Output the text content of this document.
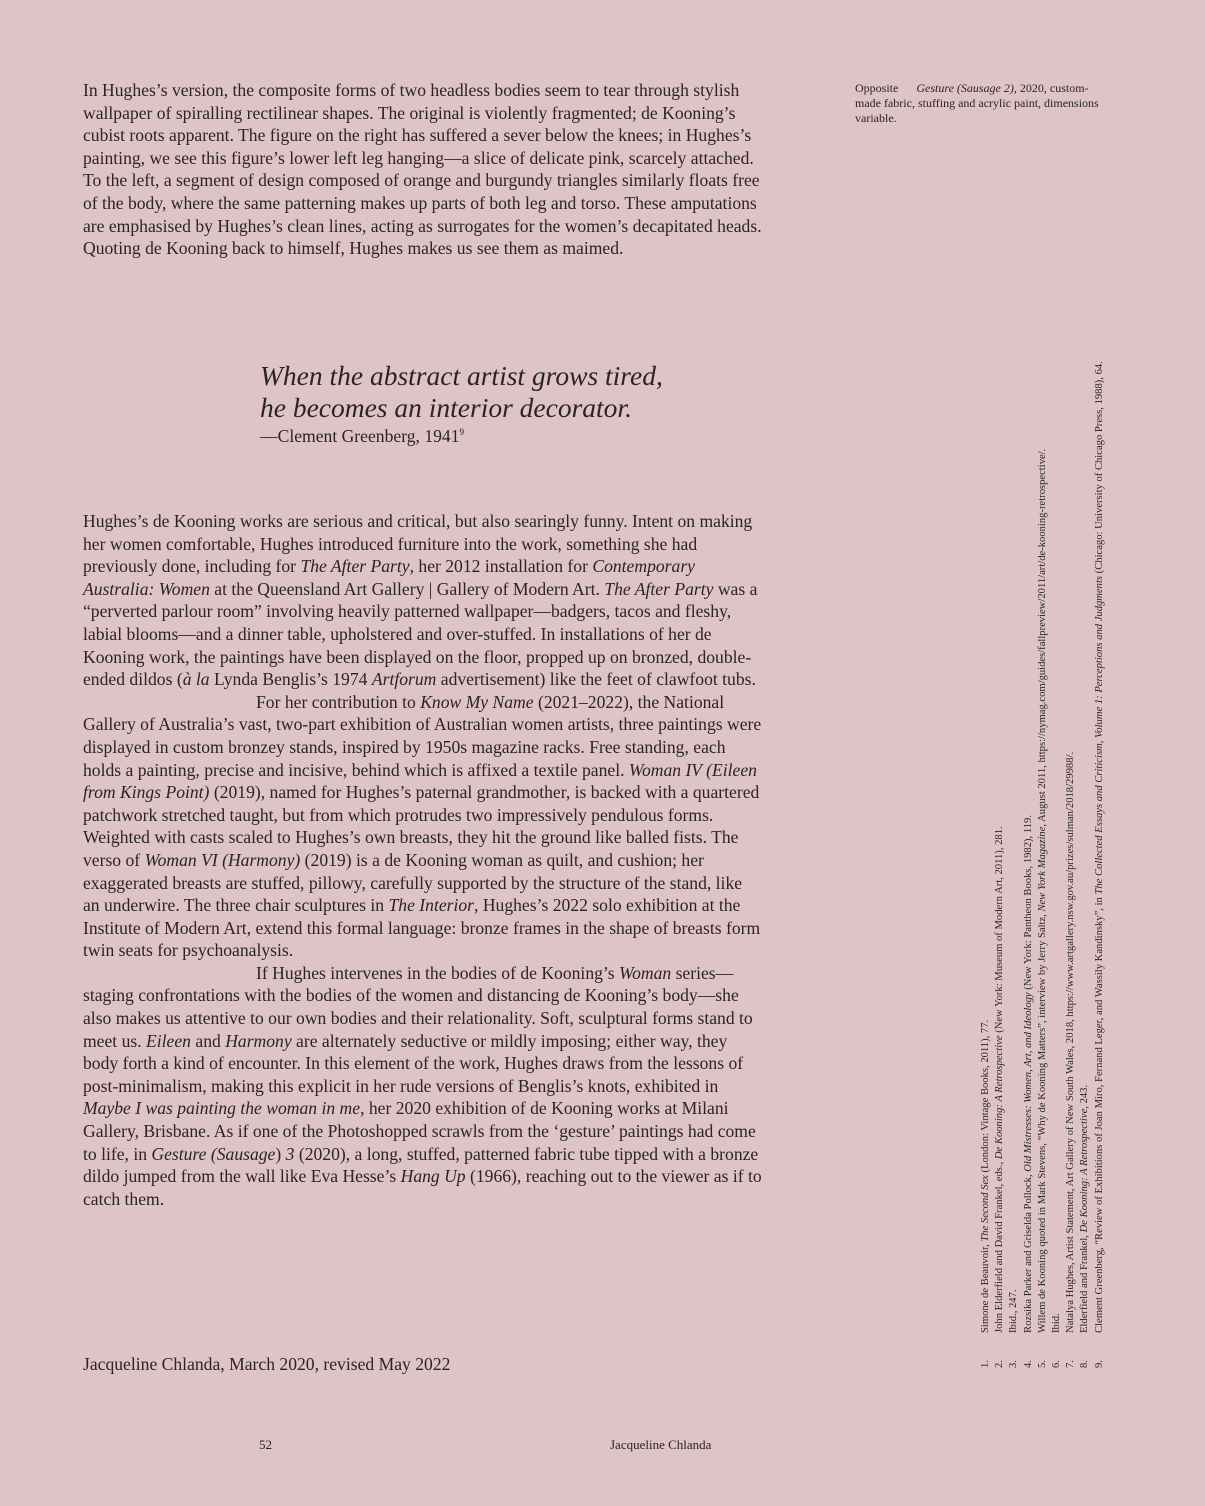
In Hughes’s version, the composite forms of two headless bodies seem to tear through stylish wallpaper of spiralling rectilinear shapes. The original is violently fragmented; de Kooning’s cubist roots apparent. The figure on the right has suffered a sever below the knees; in Hughes’s painting, we see this figure’s lower left leg hanging—a slice of delicate pink, scarcely attached. To the left, a segment of design composed of orange and burgundy triangles similarly floats free of the body, where the same patterning makes up parts of both leg and torso. These amputations are emphasised by Hughes’s clean lines, acting as surrogates for the women’s decapitated heads. Quoting de Kooning back to himself, Hughes makes us see them as maimed.

When the abstract artist grows tired,
he becomes an interior decorator.

—Clement Greenberg, 1941$^9$

Hughes’s de Kooning works are serious and critical, but also searingly funny. Intent on making her women comfortable, Hughes introduced furniture into the work, something she had previously done, including for The After Party, her 2012 installation for Contemporary Australia: Women at the Queensland Art Gallery | Gallery of Modern Art. The After Party was a “perverted parlour room” involving heavily patterned wallpaper—badgers, tacos and fleshy, labial blooms—and a dinner table, upholstered and over-stuffed. In installations of her de Kooning work, the paintings have been displayed on the floor, propped up on bronzed, double-ended dildos (à la Lynda Benglis’s 1974 Artforum advertisement) like the feet of clawfoot tubs.

For her contribution to Know My Name (2021–2022), the National Gallery of Australia’s vast, two-part exhibition of Australian women artists, three paintings were displayed in custom bronzey stands, inspired by 1950s magazine racks. Free standing, each holds a painting, precise and incisive, behind which is affixed a textile panel. Woman IV (Eileen from Kings Point) (2019), named for Hughes’s paternal grandmother, is backed with a quartered patchwork stretched taught, but from which protrudes two impressively pendulous forms. Weighted with casts scaled to Hughes’s own breasts, they hit the ground like balled fists. The verso of Woman VI (Harmony) (2019) is a de Kooning woman as quilt, and cushion; her exaggerated breasts are stuffed, pillowy, carefully supported by the structure of the stand, like an underwire. The three chair sculptures in The Interior, Hughes’s 2022 solo exhibition at the Institute of Modern Art, extend this formal language: bronze frames in the shape of breasts form twin seats for psychoanalysis.

If Hughes intervenes in the bodies of de Kooning’s Woman series—staging confrontations with the bodies of the women and distancing de Kooning’s body—she also makes us attentive to our own bodies and their relationality. Soft, sculptural forms stand to meet us. Eileen and Harmony are alternately seductive or mildly imposing; either way, they body forth a kind of encounter. In this element of the work, Hughes draws from the lessons of post-minimalism, making this explicit in her rude versions of Benglis’s knots, exhibited in Maybe I was painting the woman in me, her 2020 exhibition of de Kooning works at Milani Gallery, Brisbane. As if one of the Photoshopped scrawls from the ‘gesture’ paintings had come to life, in Gesture (Sausage) 3 (2020), a long, stuffed, patterned fabric tube tipped with a bronze dildo jumped from the wall like Eva Hesse’s Hang Up (1966), reaching out to the viewer as if to catch them.

Jacqueline Chlanda, March 2020, revised May 2022

Opposite Gesture (Sausage 2), 2020, custom-made fabric, stuffing and acrylic paint, dimensions variable.

1.
Simone de Beauvoir, The Second Sex (London: Vintage Books, 2011), 77.
2.
John Elderfield and David Frankel, eds., De Kooning: A Retrospective (New York: Museum of Modern Art, 2011), 281.
3.
Ibid., 247.
4.
Rozsika Parker and Griselda Pollock, Old Mistresses: Women, Art, and Ideology (New York: Pantheon Books, 1982), 119.
5.
Willem de Kooning quoted in Mark Stevens, “Why de Kooning Matters”, interview by Jerry Saltz, New York Magazine, August 2011, https://nymag.com/guides/fallpreview/2011/art/de-kooning-retrospective/.
6.
Ibid.
7.
Natalya Hughes, Artist Statement, Art Gallery of New South Wales, 2018, https://www.artgallery.nsw.gov.au/prizes/sulman/2018/29988/.
8.
Elderfield and Frankel, De Kooning: A Retrospective, 243.
9.
Clement Greenberg, “Review of Exhibitions of Joan Miro, Fernand Leger, and Wassily Kandinsky”, in The Collected Essays and Criticism, Volume 1: Perceptions and Judgments (Chicago: University of Chicago Press, 1988), 64.

52	Jacqueline Chlanda
